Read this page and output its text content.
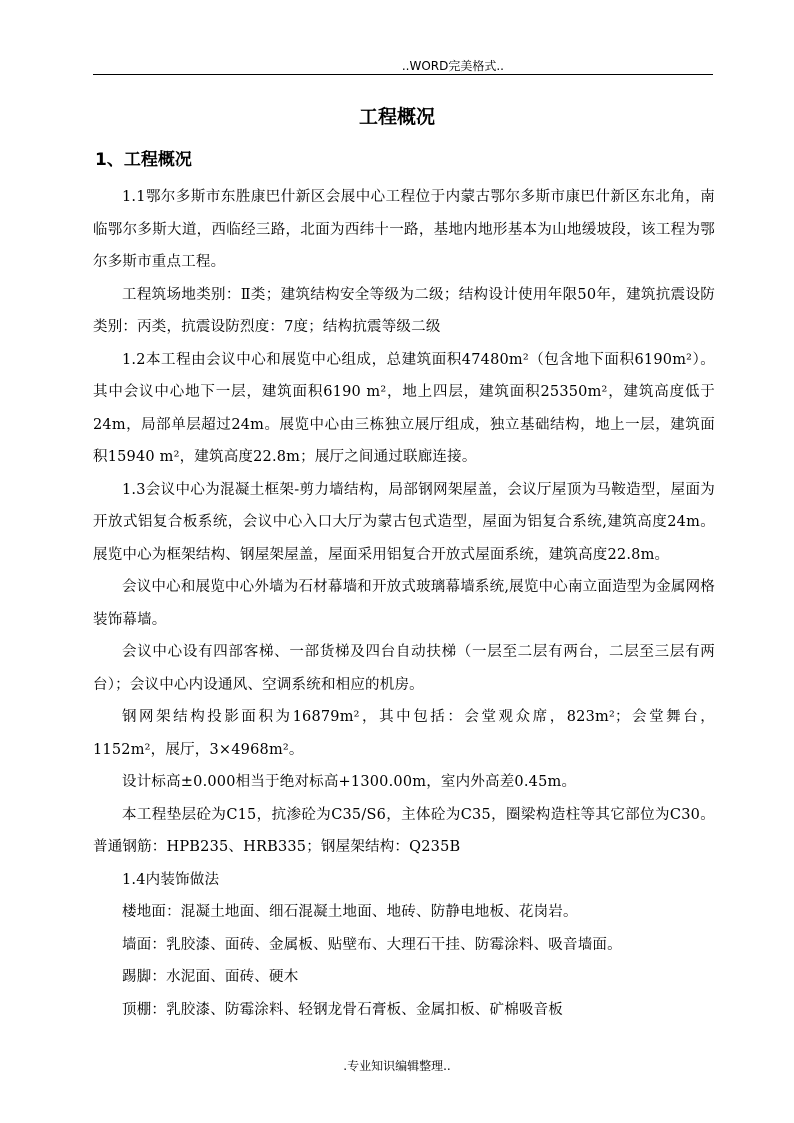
..WORD完美格式..
工程概况
1、工程概况

1.1鄂尔多斯市东胜康巴什新区会展中心工程位于内蒙古鄂尔多斯市康巴什新区东北角，南临鄂尔多斯大道，西临经三路，北面为西纬十一路，基地内地形基本为山地缓坡段，该工程为鄂尔多斯市重点工程。

工程筑场地类别：Ⅱ类；建筑结构安全等级为二级；结构设计使用年限50年，建筑抗震设防类别：丙类，抗震设防烈度：7度；结构抗震等级二级

1.2本工程由会议中心和展览中心组成，总建筑面积47480m²（包含地下面积6190m²）。其中会议中心地下一层，建筑面积6190 m²，地上四层，建筑面积25350m²，建筑高度低于24m，局部单层超过24m。展览中心由三栋独立展厅组成，独立基础结构，地上一层，建筑面积15940 m²，建筑高度22.8m；展厅之间通过联廊连接。

1.3会议中心为混凝土框架-剪力墙结构，局部钢网架屋盖，会议厅屋顶为马鞍造型，屋面为开放式铝复合板系统，会议中心入口大厅为蒙古包式造型，屋面为铝复合系统,建筑高度24m。展览中心为框架结构、钢屋架屋盖，屋面采用铝复合开放式屋面系统，建筑高度22.8m。

会议中心和展览中心外墙为石材幕墙和开放式玻璃幕墙系统,展览中心南立面造型为金属网格装饰幕墙。

会议中心设有四部客梯、一部货梯及四台自动扶梯（一层至二层有两台，二层至三层有两台）；会议中心内设通风、空调系统和相应的机房。

钢网架结构投影面积为16879m²，其中包括：会堂观众席，823m²；会堂舞台，1152m²，展厅，3×4968m²。

设计标高±0.000相当于绝对标高+1300.00m，室内外高差0.45m。

本工程垫层砼为C15，抗渗砼为C35/S6，主体砼为C35，圈梁构造柱等其它部位为C30。普通钢筋：HPB235、HRB335；钢屋架结构：Q235B

1.4内装饰做法

楼地面：混凝土地面、细石混凝土地面、地砖、防静电地板、花岗岩。

墙面：乳胶漆、面砖、金属板、贴壁布、大理石干挂、防霉涂料、吸音墙面。

踢脚：水泥面、面砖、硬木

顶棚：乳胶漆、防霉涂料、轻钢龙骨石膏板、金属扣板、矿棉吸音板

.专业知识编辑整理..
